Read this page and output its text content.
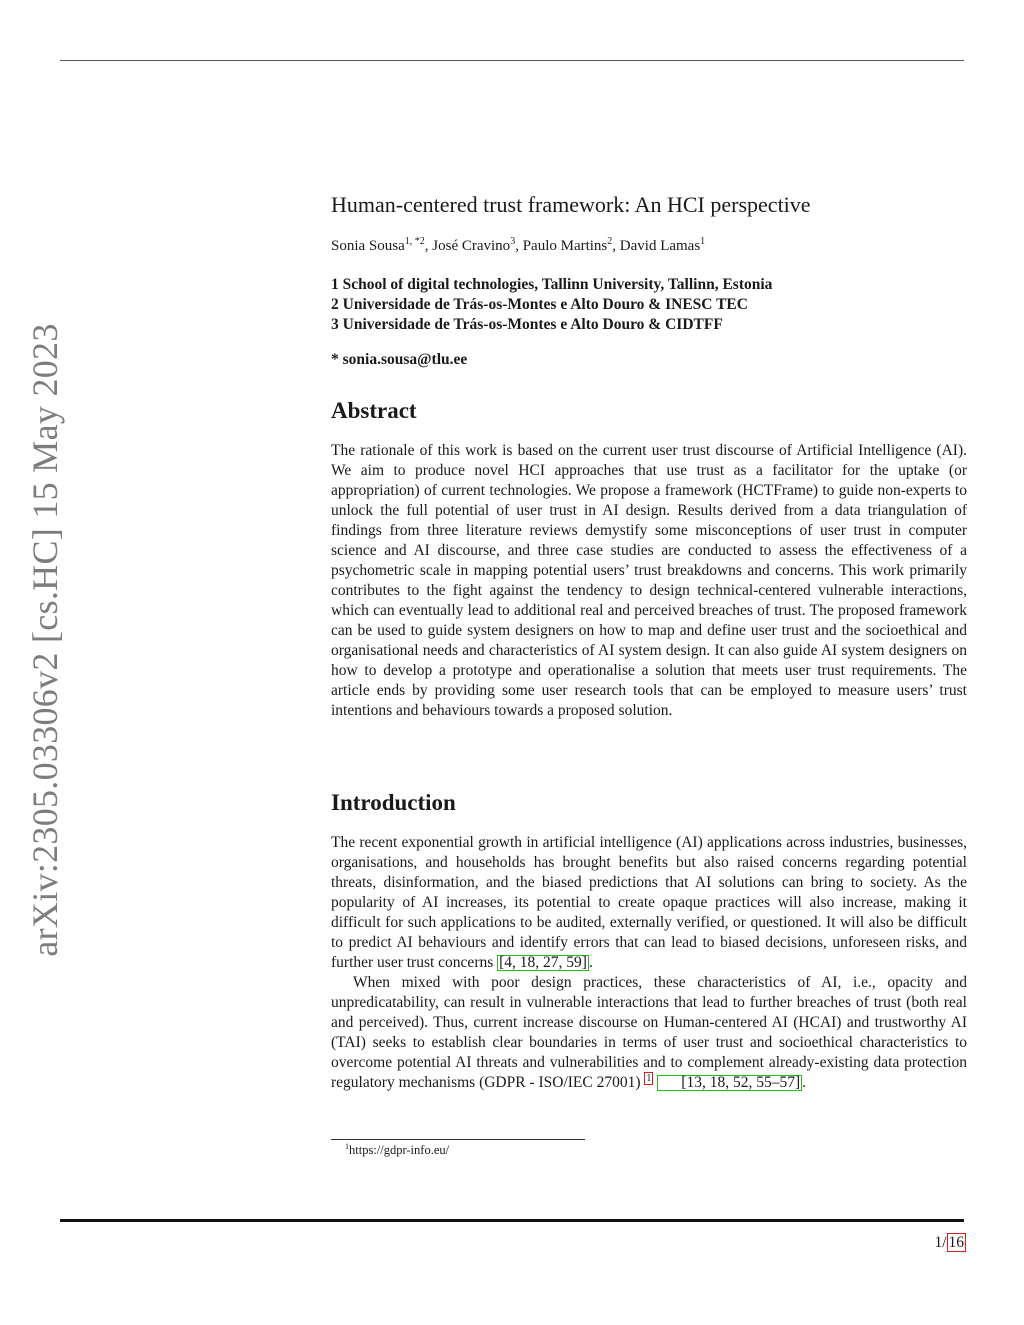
arXiv:2305.03306v2 [cs.HC] 15 May 2023
Human-centered trust framework: An HCI perspective
Sonia Sousa$^{1, *2}$, José Cravino$^3$, Paulo Martins$^2$, David Lamas$^1$
1 School of digital technologies, Tallinn University, Tallinn, Estonia
2 Universidade de Trás-os-Montes e Alto Douro & INESC TEC
3 Universidade de Trás-os-Montes e Alto Douro & CIDTFF
* sonia.sousa@tlu.ee
Abstract

The rationale of this work is based on the current user trust discourse of Artificial Intelligence (AI). We aim to produce novel HCI approaches that use trust as a facilitator for the uptake (or appropriation) of current technologies. We propose a framework (HCTFrame) to guide non-experts to unlock the full potential of user trust in AI design. Results derived from a data triangulation of findings from three literature reviews demystify some misconceptions of user trust in computer science and AI discourse, and three case studies are conducted to assess the effectiveness of a psychometric scale in mapping potential users’ trust breakdowns and concerns. This work primarily contributes to the fight against the tendency to design technical-centered vulnerable interactions, which can eventually lead to additional real and perceived breaches of trust. The proposed framework can be used to guide system designers on how to map and define user trust and the socioethical and organisational needs and characteristics of AI system design. It can also guide AI system designers on how to develop a prototype and operationalise a solution that meets user trust requirements. The article ends by providing some user research tools that can be employed to measure users’ trust intentions and behaviours towards a proposed solution.

Introduction

The recent exponential growth in artificial intelligence (AI) applications across industries, businesses, organisations, and households has brought benefits but also raised concerns regarding potential threats, disinformation, and the biased predictions that AI solutions can bring to society. As the popularity of AI increases, its potential to create opaque practices will also increase, making it difficult for such applications to be audited, externally verified, or questioned. It will also be difficult to predict AI behaviours and identify errors that can lead to biased decisions, unforeseen risks, and further user trust concerns [4, 18, 27, 59] .

When mixed with poor design practices, these characteristics of AI, i.e., opacity and unpredicatability, can result in vulnerable interactions that lead to further breaches of trust (both real and perceived). Thus, current increase discourse on Human-centered AI (HCAI) and trustworthy AI (TAI) seeks to establish clear boundaries in terms of user trust and socioethical characteristics to overcome potential AI threats and vulnerabilities and to complement already-existing data protection regulatory mechanisms (GDPR - ISO/IEC 27001) $^1$ [13, 18, 52, 55–57] .

$^1$https://gdpr-info.eu/
1/ 16
